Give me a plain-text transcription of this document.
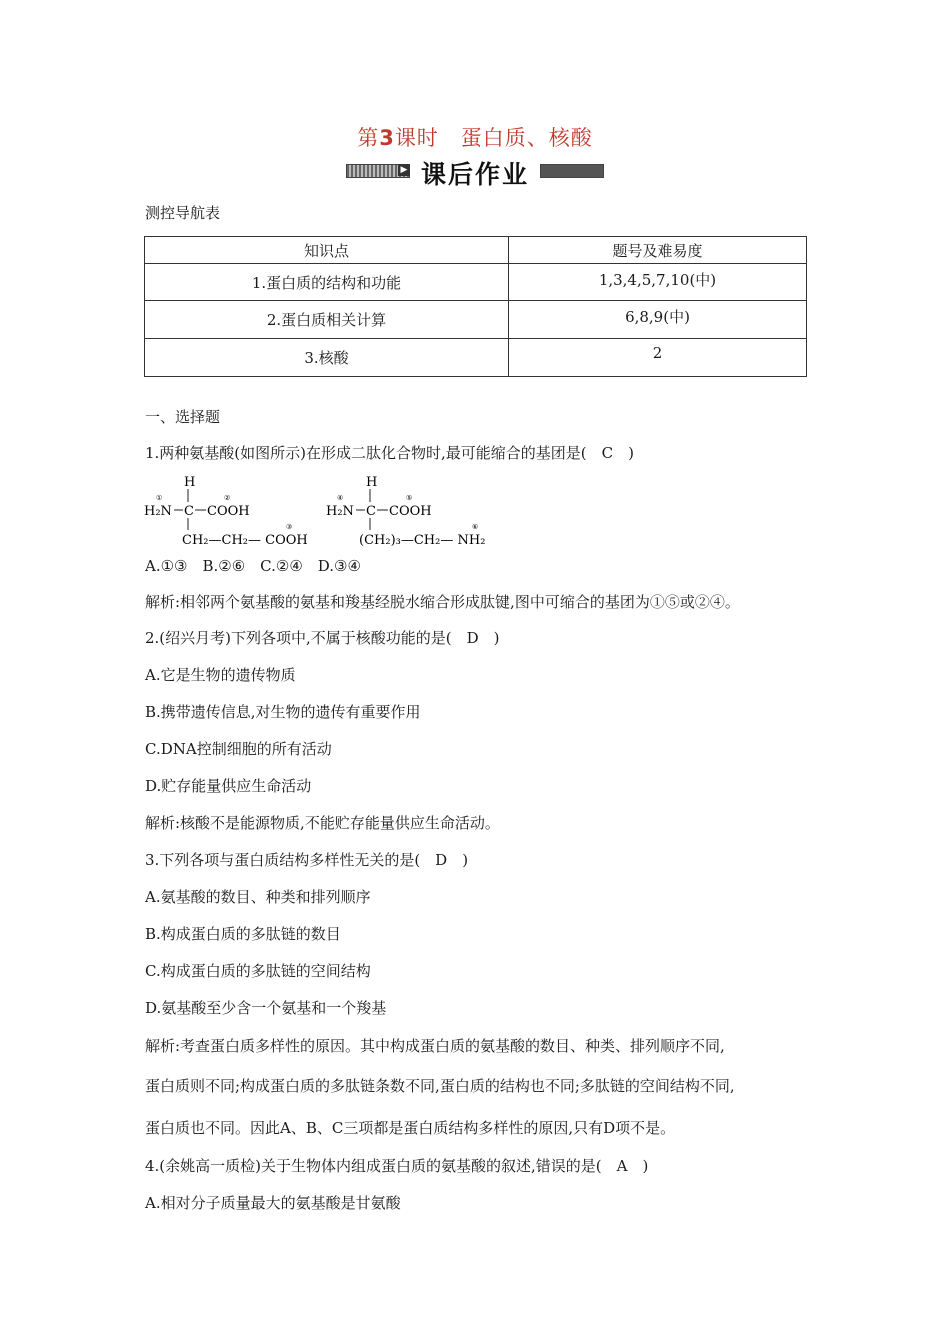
第3课时　蛋白质、核酸
▶ 课后作业
测控导航表
知识点	题号及难易度
1.蛋白质的结构和功能	1,3,4,5,7,10(中)
2.蛋白质相关计算	6,8,9(中)
3.核酸	2
一、选择题
1.两种氨基酸(如图所示)在形成二肽化合物时,最可能缩合的基团是(　C　)
H
①
H₂N C
②
COOH
③
CH₂—CH₂— COOH
H
④
H₂N C
⑤
COOH
⑥
(CH₂)₃—CH₂— NH₂
A.①③　B.②⑥　C.②④　D.③④
解析:相邻两个氨基酸的氨基和羧基经脱水缩合形成肽键,图中可缩合的基团为①⑤或②④。
2.(绍兴月考)下列各项中,不属于核酸功能的是(　D　)
A.它是生物的遗传物质
B.携带遗传信息,对生物的遗传有重要作用
C.DNA控制细胞的所有活动
D.贮存能量供应生命活动
解析:核酸不是能源物质,不能贮存能量供应生命活动。
3.下列各项与蛋白质结构多样性无关的是(　D　)
A.氨基酸的数目、种类和排列顺序
B.构成蛋白质的多肽链的数目
C.构成蛋白质的多肽链的空间结构
D.氨基酸至少含一个氨基和一个羧基
解析:考查蛋白质多样性的原因。其中构成蛋白质的氨基酸的数目、种类、排列顺序不同,
蛋白质则不同;构成蛋白质的多肽链条数不同,蛋白质的结构也不同;多肽链的空间结构不同,
蛋白质也不同。因此A、B、C三项都是蛋白质结构多样性的原因,只有D项不是。
4.(余姚高一质检)关于生物体内组成蛋白质的氨基酸的叙述,错误的是(　A　)
A.相对分子质量最大的氨基酸是甘氨酸
